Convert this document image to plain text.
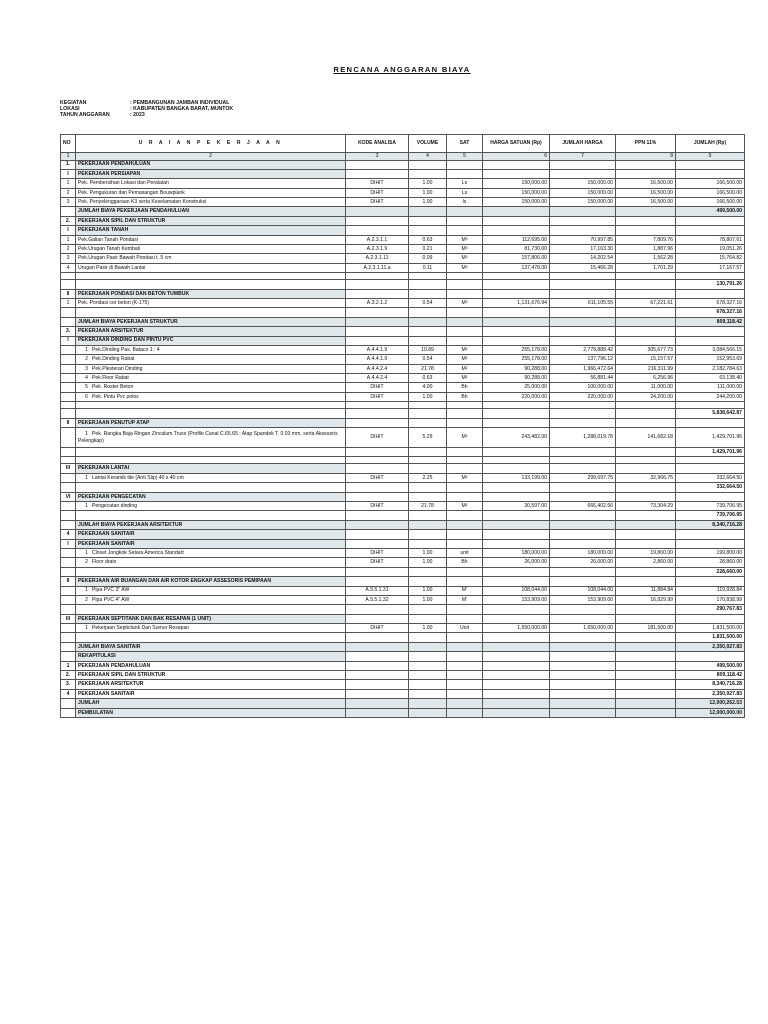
RENCANA ANGGARAN BIAYA
KEGIATAN	: PEMBANGUNAN JAMBAN INDIVIDUAL
LOKASI	: KABUPATEN BANGKA BARAT, MUNTOK
TAHUN ANGGARAN	: 2023
NO	U R A I A N P E K E R J A A N	KODE ANALISA	VOLUME	SAT	HARGA SATUAN (Rp)	JUMLAH HARGA	PPN 11%	JUMLAH (Rp)
1	2	3	4	5	6	7	8	9
1.	PEKERJAAN PENDAHULUAN							
I	PEKERJAAN PERSIAPAN							
1	Pek. Pembersihan Lokasi dan Peralatan	DIHIT	1.00	Ls	150,000.00	150,000.00	16,500.00	166,500.00
2	Pek. Pengukuran dan Pemasangan Bouwplank	DIHIT	1.00	Ls	150,000.00	150,000.00	16,500.00	166,500.00
3	Pek. Penyelenggaraan K3 serta Keselamatan Konstruksi	DIHIT	1.00	ls	150,000.00	150,000.00	16,500.00	166,500.00
	JUMLAH BIAYA PEKERJAAN PENDAHULUAN							499,500.00
2.	PEKERJAAN SIPIL DAN STRUKTUR							
I	PEKERJAAN TANAH							
1	Pek.Galian Tanah Pondasi	A.2.3.1.1	0.63	M³	112,695.00	70,997.85	7,809.76	78,807.61
2	Pek.Urugan Tanah Kembali	A.2.3.1.9	0.21	M³	81,730.00	17,163.30	1,887.96	19,051.26
3	Pek.Urugan Pasir Bawah Pondasi t. 5 cm	A.2.3.1.11	0.09	M³	157,806.00	14,202.54	1,562.28	15,764.82
4	Urugan Pasir di Bawah Lantai	A.2.3.1.11.a	0.11	M³	137,478.00	15,466.28	1,701.29	17,167.57

								130,791.26
II	PEKERJAAN PONDASI DAN BETON TUMBUK							
1	Pek. Pondasi cor beton (K-175)	A.3.2.1.2	0.54	M³	1,131,676.94	611,105.55	67,221.61	678,327.16
								678,327.16
	JUMLAH BIAYA PEKERJAAN STRUKTUR							809,118.42
3.	PEKERJAAN ARSITEKTUR							
I	PEKERJAAN DINDING DAN PINTU PVC							
	1 Pek.Dinding Pas. Bataco 1 : 4	A.4.4.1.9	10.89	M²	255,178.00	2,778,888.42	305,677.73	3,084,566.15
	2 Pek.Dinding Rabat	A.4.4.1.9	0.54	M²	255,178.00	137,796.12	15,157.57	152,953.69
	3 Pek.Plesteran Dinding	A.4.4.2.4	21.78	M²	90,288.00	1,966,472.64	216,311.99	2,182,784.63
	4 Pek.Floor Rabat	A.4.4.2.4	0.63	M²	90,288.00	56,881.44	6,256.96	63,138.40
	5 Pek. Roster Beton	DIHIT	4.00	Bh	25,000.00	100,000.00	11,000.00	111,000.00
	6 Pek. Pintu Pvc polos	DIHIT	1.00	Bh	220,000.00	220,000.00	24,200.00	244,200.00

								5,838,642.87
II	PEKERJAAN PENUTUP ATAP							
	1 Pek. Rangka Baja Ringan Zincalum Truss (Profile Canal C.65.65 ; Atap Spandek T. 0.03 mm, serta Aksesoris Pelengkap)	DIHIT	5.29	M²	243,482.00	1,288,019.78	141,682.18	1,429,701.96
								1,429,701.96

III	PEKERJAAN LANTAI							
	1 Lantai Keramik tile (Anti Slip) 40 x 40 cm	DIHIT	2.25	M²	133,199.00	299,697.75	32,966.75	332,664.50
								332,664.50
VI	PEKERJAAN PENGECATAN							
	1 Pengecatan dinding	DIHIT	21.78	M²	30,597.00	666,402.66	73,304.29	739,706.95
								739,706.95
	JUMLAH BIAYA PEKERJAAN ARSITEKTUR							8,340,716.28
4	PEKERJAAN SANITAIR							
I	PEKERJAAN SANITAIR							
	1 Closet Jongkok Setara America Standart	DIHIT	1.00	unit	180,000.00	180,000.00	19,800.00	199,800.00
	2 Floor drain	DIHIT	1.00	Bh	26,000.00	26,000.00	2,860.00	28,860.00
								228,660.00
II	PEKERJAAN AIR BUANGAN DAN AIR KOTOR ENGKAP ASSESORIS PEMIPAAN							
	1 Pipa PVC 3" AW	A.5.5.1.31	1.00	M'	108,044.00	108,044.00	11,884.84	119,928.84
	2 Pipa PVC 4" AW	A.5.5.1.32	1.00	M'	153,909.00	153,909.00	16,929.99	170,838.99
								290,767.83
III	PEKERJAAN SEPTITANK DAN BAK RESAPAN (1 UNIT)							
	1 Pekerjaan Septictank Dan Sumur Resapan	DIHIT	1.00	Unit	1,650,000.00	1,650,000.00	181,500.00	1,831,500.00
								1,831,500.00
	JUMLAH BIAYA SANITAIR							2,350,927.83
	REKAPITULASI							
1	PEKERJAAN PENDAHULUAN							499,500.00
2.	PEKERJAAN SIPIL DAN STRUKTUR							809,118.42
3.	PEKERJAAN ARSITEKTUR							8,340,716.28
4	PEKERJAAN SANITAIR							2,350,927.83
	JUMLAH							12,000,262.53
	PEMBULATAN							12,000,000.00
